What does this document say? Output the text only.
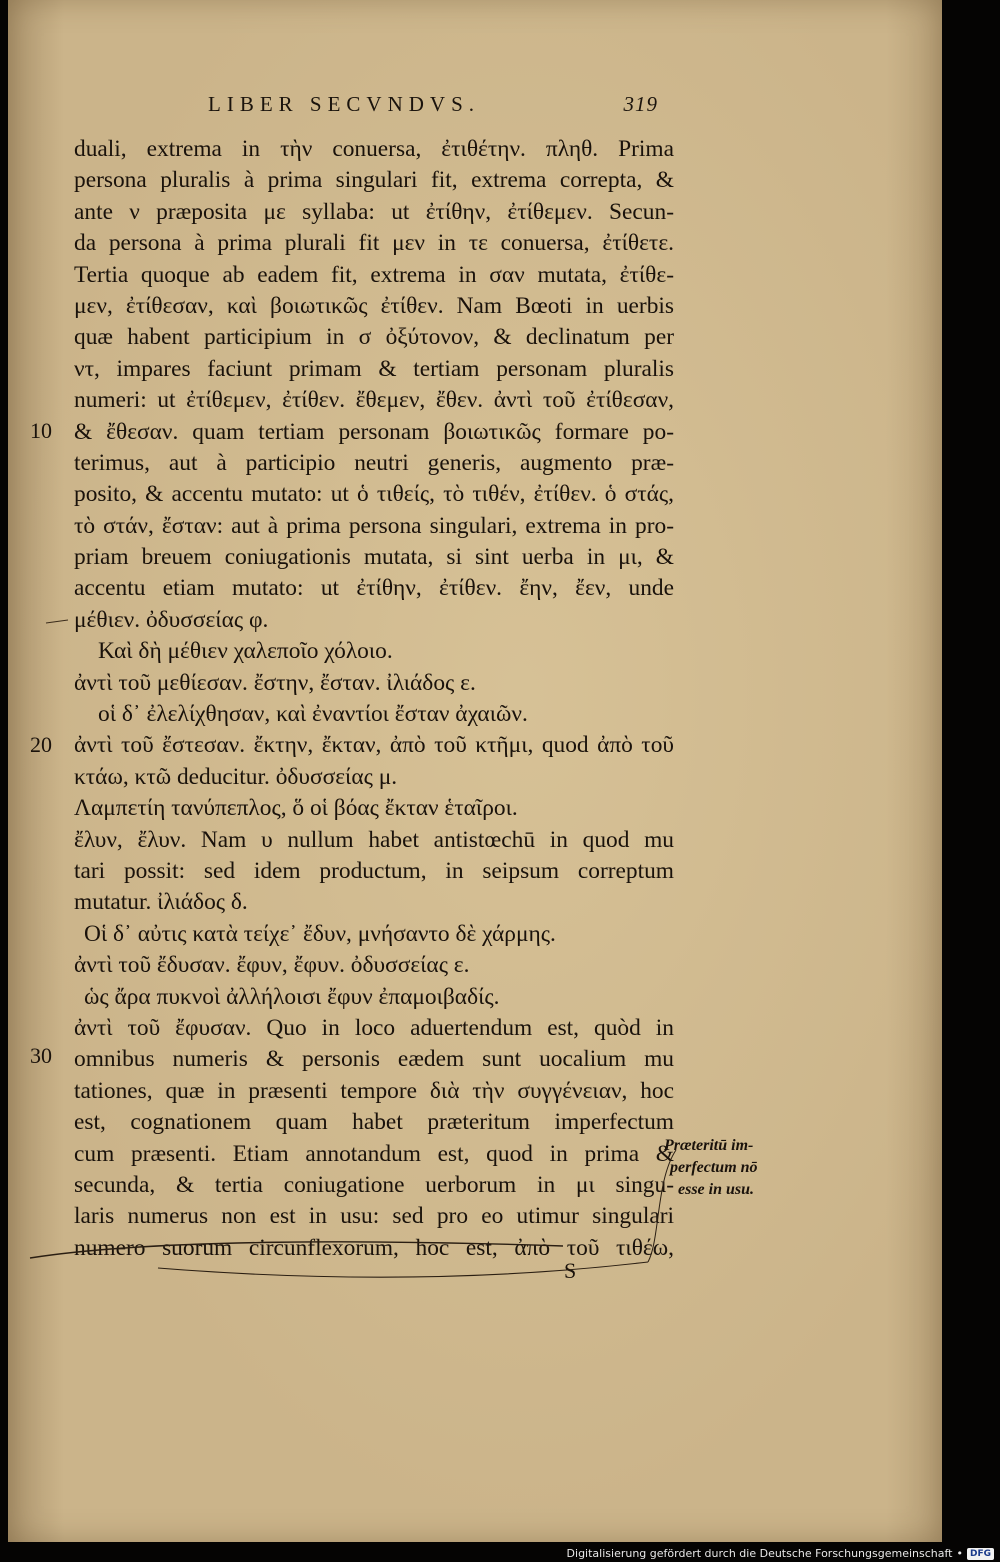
LIBER SECVNDVS.	319
duali, extrema in τὴν conuersa, ἐτιθέτην. πληθ. Prima
persona pluralis à prima singulari fit, extrema correpta, &
ante ν præposita με syllaba: ut ἐτίθην, ἐτίθεμεν. Secun-
da persona à prima plurali fit μεν in τε conuersa, ἐτίθετε.
Tertia quoque ab eadem fit, extrema in σαν mutata, ἐτίθε-
μεν, ἐτίθεσαν, καὶ βοιωτικῶς ἐτίθεν. Nam Bœoti in uerbis
quæ habent participium in σ ὀξύτονον, & declinatum per
ντ, impares faciunt primam & tertiam personam pluralis
numeri: ut ἐτίθεμεν, ἐτίθεν. ἔθεμεν, ἔθεν. ἀντὶ τοῦ ἐτίθεσαν,
& ἔθεσαν. quam tertiam personam βοιωτικῶς formare po-
terimus, aut à participio neutri generis, augmento præ-
posito, & accentu mutato: ut ὁ τιθείς, τὸ τιθέν, ἐτίθεν. ὁ στάς,
τὸ στάν, ἔσταν: aut à prima persona singulari, extrema in pro-
priam breuem coniugationis mutata, si sint uerba in μι, &
accentu etiam mutato: ut ἐτίθην, ἐτίθεν. ἔην, ἔεν, unde
μέθιεν. ὀδυσσείας φ.
Καὶ δὴ μέθιεν χαλεποῖο χόλοιο.
ἀντὶ τοῦ μεθίεσαν. ἔστην, ἔσταν. ἰλιάδος ε.
οἱ δ᾽ ἐλελίχθησαν, καὶ ἐναντίοι ἔσταν ἀχαιῶν.
ἀντὶ τοῦ ἔστεσαν. ἔκτην, ἔκταν, ἀπὸ τοῦ κτῆμι, quod ἀπὸ τοῦ
κτάω, κτῶ deducitur. ὀδυσσείας μ.
Λαμπετίη τανύπεπλος, ὅ οἱ βόας ἔκταν ἑταῖροι.
ἔλυν, ἔλυν. Nam υ nullum habet antistœchū in quod mu
tari possit: sed idem productum, in seipsum correptum
mutatur. ἰλιάδος δ.
Οἱ δ᾽ αὐτις κατὰ τείχε᾽ ἔδυν, μνήσαντο δὲ χάρμης.
ἀντὶ τοῦ ἔδυσαν. ἔφυν, ἔφυν. ὀδυσσείας ε.
ὡς ἄρα πυκνοὶ ἀλλήλοισι ἔφυν ἐπαμοιβαδίς.
ἀντὶ τοῦ ἔφυσαν. Quo in loco aduertendum est, quòd in
omnibus numeris & personis eædem sunt uocalium mu
tationes, quæ in præsenti tempore διὰ τὴν συγγένειαν, hoc
est, cognationem quam habet præteritum imperfectum
cum præsenti. Etiam annotandum est, quod in prima &
secunda, & tertia coniugatione uerborum in μι singu-
laris numerus non est in usu: sed pro eo utimur singulari
numero suorum circunflexorum, hoc est, ἀπὸ τοῦ τιθέω,
10
20
30
Præteritū im-
perfectum nō
esse in usu.
S
Digitalisierung gefördert durch die Deutsche Forschungsgemeinschaft • DFG
